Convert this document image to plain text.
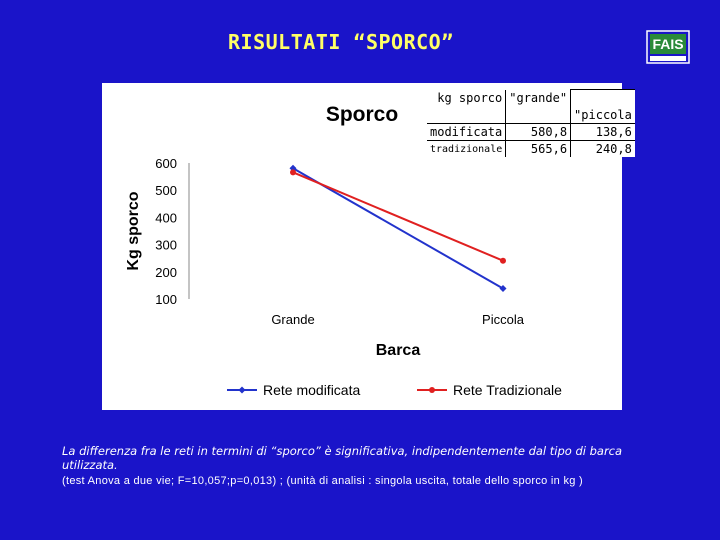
RISULTATI “SPORCO”	FAIS
Sporco
600
500
400
300
200
100
Grande	Piccola
Kg sporco
Barca
Rete modificata	Rete Tradizionale
kg sporco	"grande"	"piccola
modificata	580,8	138,6
tradizionale	565,6	240,8
La differenza fra le reti in termini di “sporco” è significativa, indipendentemente dal tipo di barca utilizzata.
(test Anova a due vie; F=10,057;p=0,013) ; (unità di analisi : singola uscita, totale dello sporco in kg )
